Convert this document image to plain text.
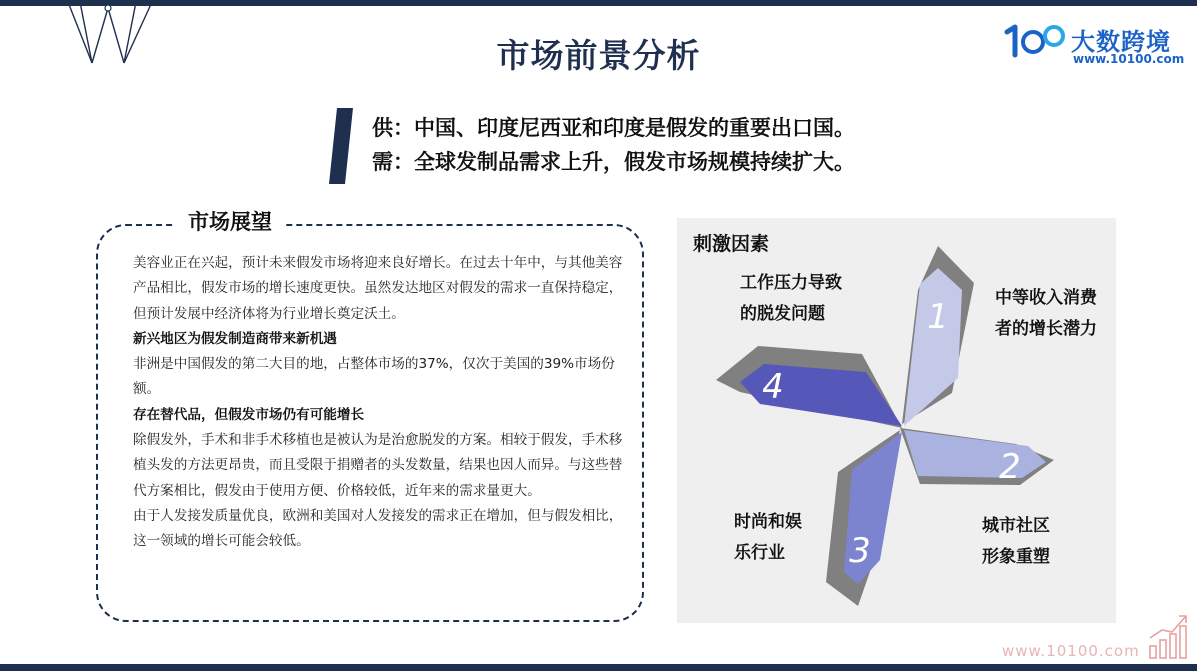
市场前景分析	大数跨境
www.10100.com
供：中国、印度尼西亚和印度是假发的重要出口国。
需：全球发制品需求上升，假发市场规模持续扩大。
市场展望

美容业正在兴起，预计未来假发市场将迎来良好增长。在过去十年中，与其他美容产品相比，假发市场的增长速度更快。虽然发达地区对假发的需求一直保持稳定，但预计发展中经济体将为行业增长奠定沃土。

新兴地区为假发制造商带来新机遇

非洲是中国假发的第二大目的地，占整体市场的37%，仅次于美国的39%市场份额。

存在替代品，但假发市场仍有可能增长

除假发外，手术和非手术移植也是被认为是治愈脱发的方案。相较于假发，手术移植头发的方法更昂贵，而且受限于捐赠者的头发数量，结果也因人而异。与这些替代方案相比，假发由于使用方便、价格较低，近年来的需求量更大。

由于人发接发质量优良，欧洲和美国对人发接发的需求正在增加，但与假发相比，这一领域的增长可能会较低。

刺激因素
1
2
3
4
中等收入消费
者的增长潜力
城市社区
形象重塑
时尚和娱
乐行业
工作压力导致
的脱发问题
www.10100.com
